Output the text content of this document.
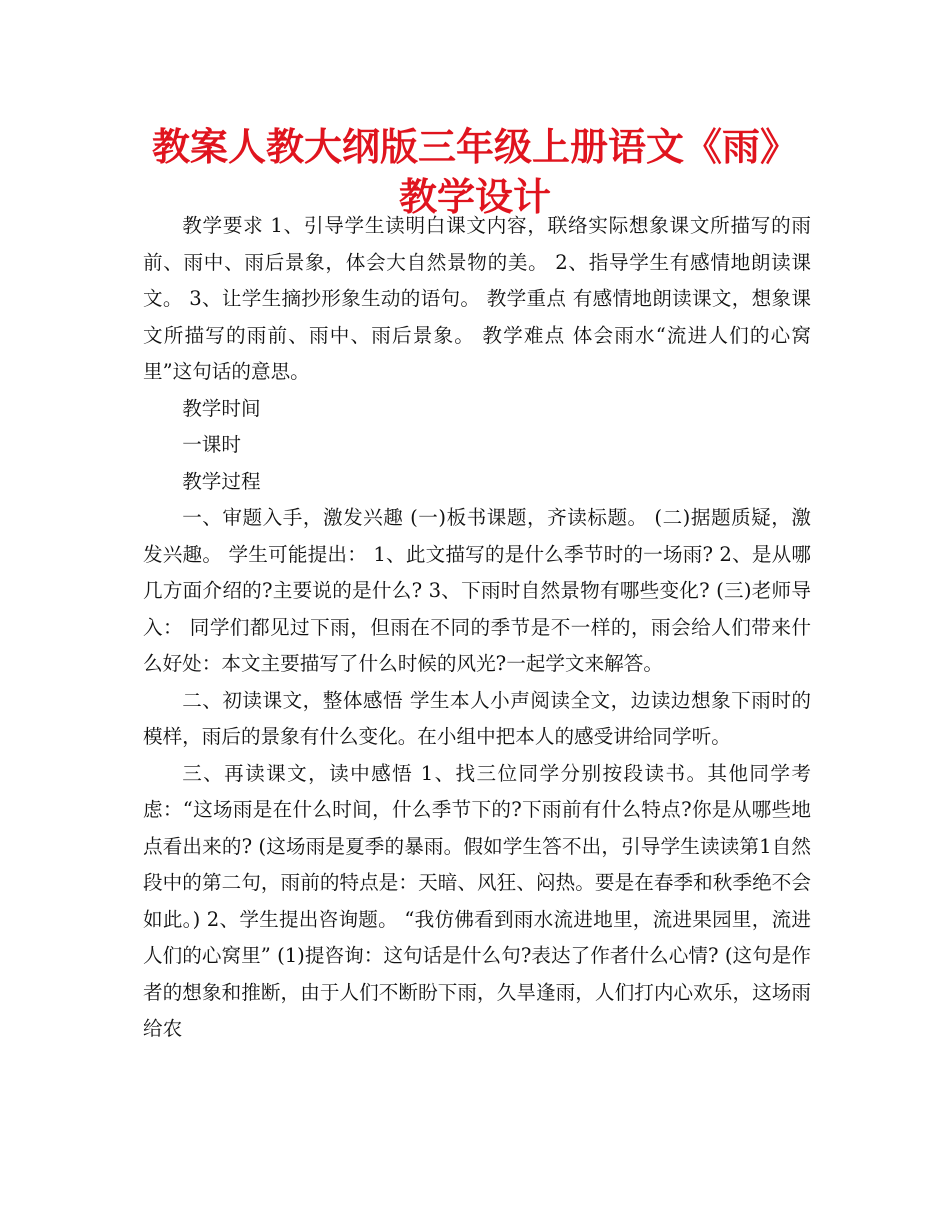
教案人教大纲版三年级上册语文《雨》教学设计

教学要求 1、引导学生读明白课文内容，联络实际想象课文所描写的雨前、雨中、雨后景象，体会大自然景物的美。 2、指导学生有感情地朗读课文。 3、让学生摘抄形象生动的语句。 教学重点 有感情地朗读课文，想象课文所描写的雨前、雨中、雨后景象。 教学难点 体会雨水“流进人们的心窝里”这句话的意思。

教学时间

一课时

教学过程

一、审题入手，激发兴趣 (一)板书课题，齐读标题。 (二)据题质疑，激发兴趣。 学生可能提出： 1、此文描写的是什么季节时的一场雨? 2、是从哪几方面介绍的?主要说的是什么? 3、下雨时自然景物有哪些变化? (三)老师导入： 同学们都见过下雨，但雨在不同的季节是不一样的，雨会给人们带来什么好处：本文主要描写了什么时候的风光?一起学文来解答。

二、初读课文，整体感悟 学生本人小声阅读全文，边读边想象下雨时的模样，雨后的景象有什么变化。在小组中把本人的感受讲给同学听。

三、再读课文，读中感悟 1、找三位同学分别按段读书。其他同学考虑：“这场雨是在什么时间，什么季节下的?下雨前有什么特点?你是从哪些地点看出来的? (这场雨是夏季的暴雨。假如学生答不出，引导学生读读第1自然段中的第二句，雨前的特点是：天暗、风狂、闷热。要是在春季和秋季绝不会如此。) 2、学生提出咨询题。 “我仿佛看到雨水流进地里，流进果园里，流进人们的心窝里” (1)提咨询：这句话是什么句?表达了作者什么心情? (这句是作者的想象和推断，由于人们不断盼下雨，久旱逢雨，人们打内心欢乐，这场雨给农
